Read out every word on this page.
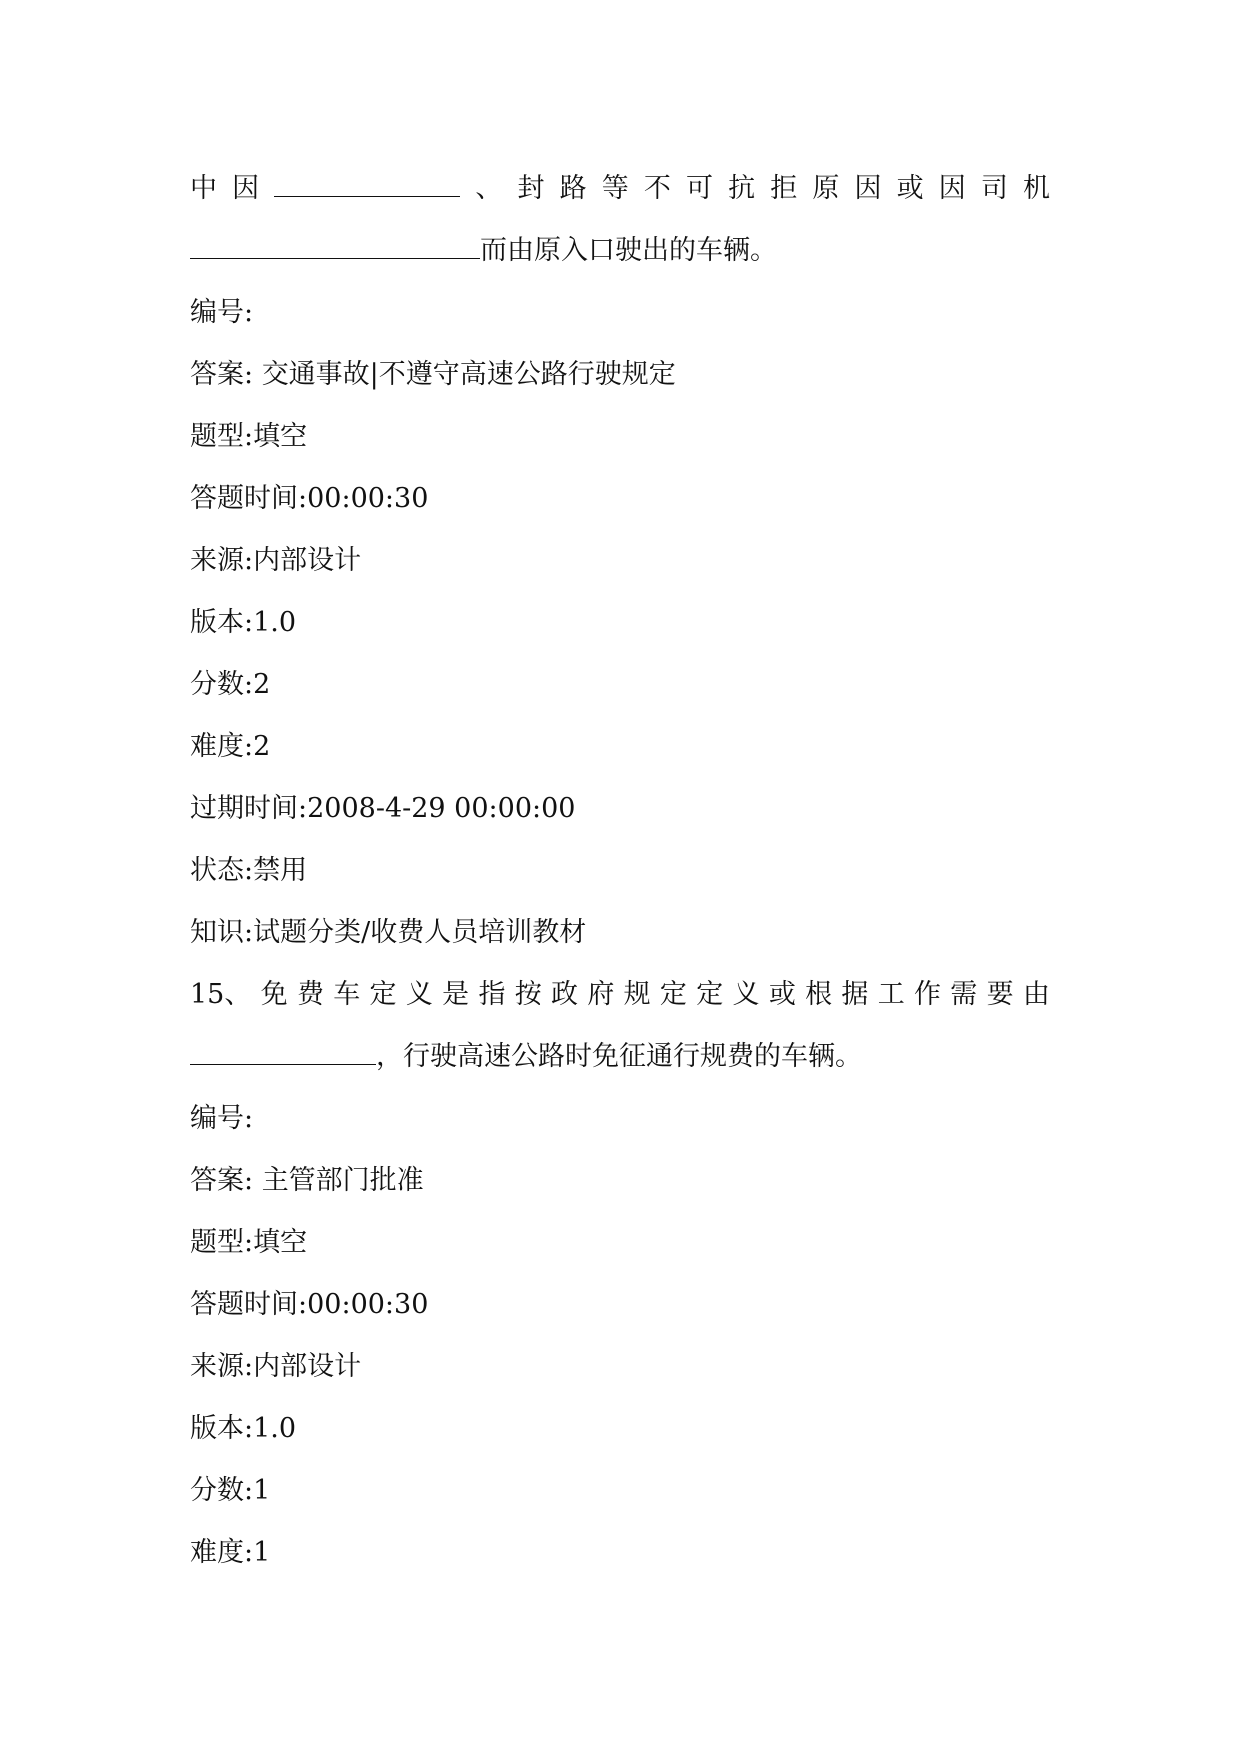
中 因	、 封 路 等 不 可 抗 拒 原 因 或 因 司 机
而由原入口驶出的车辆。
编号:
答案: 交通事故|不遵守高速公路行驶规定
题型:填空
答题时间:00:00:30
来源:内部设计
版本:1.0
分数:2
难度:2
过期时间:2008-4-29 00:00:00
状态:禁用
知识:试题分类/收费人员培训教材
15、 免 费 车 定 义 是 指 按 政 府 规 定 定 义 或 根 据 工 作 需 要 由
，行驶高速公路时免征通行规费的车辆。
编号:
答案: 主管部门批准
题型:填空
答题时间:00:00:30
来源:内部设计
版本:1.0
分数:1
难度:1
